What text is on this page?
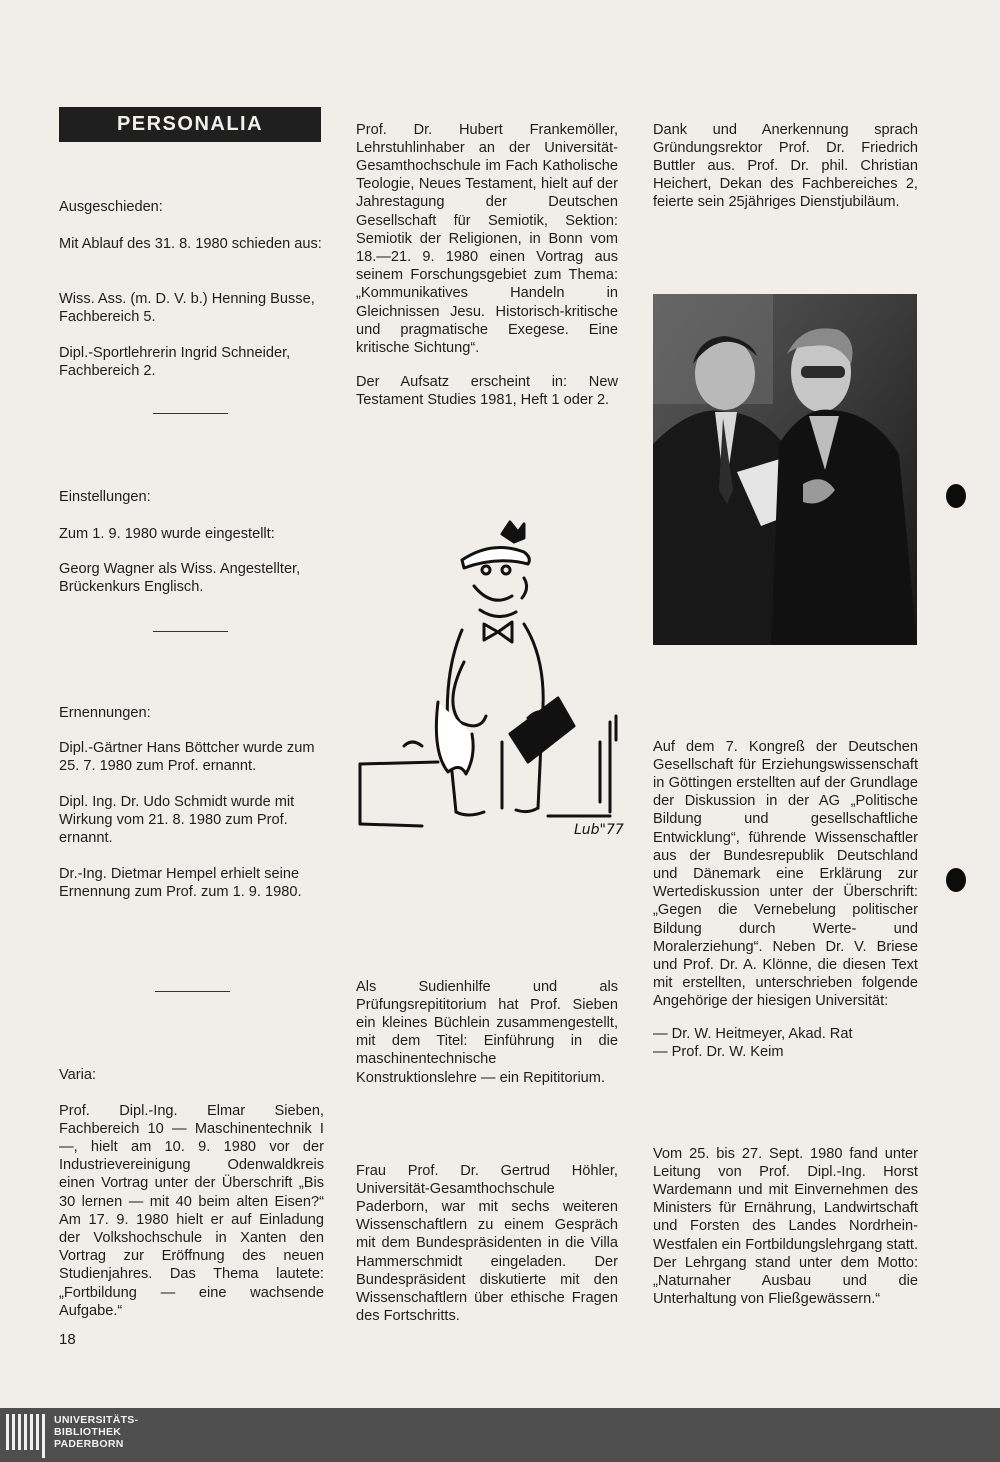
PERSONALIA

Ausgeschieden:

Mit Ablauf des 31. 8. 1980 schieden aus:

Wiss. Ass. (m. D. V. b.) Henning Busse, Fachbereich 5.

Dipl.-Sportlehrerin Ingrid Schneider, Fachbereich 2.

Einstellungen:

Zum 1. 9. 1980 wurde eingestellt:

Georg Wagner als Wiss. Angestellter, Brückenkurs Englisch.

Ernennungen:

Dipl.-Gärtner Hans Böttcher wurde zum 25. 7. 1980 zum Prof. ernannt.

Dipl. Ing. Dr. Udo Schmidt wurde mit Wirkung vom 21. 8. 1980 zum Prof. ernannt.

Dr.-Ing. Dietmar Hempel erhielt seine Ernennung zum Prof. zum 1. 9. 1980.

Varia:

Prof. Dipl.-Ing. Elmar Sieben, Fachbereich 10 — Maschinentechnik I —, hielt am 10. 9. 1980 vor der Industrievereinigung Odenwaldkreis einen Vortrag unter der Überschrift „Bis 30 lernen — mit 40 beim alten Eisen?“ Am 17. 9. 1980 hielt er auf Einladung der Volkshochschule in Xanten den Vortrag zur Eröffnung des neuen Studienjahres. Das Thema lautete: „Fortbildung — eine wachsende Aufgabe.“

Prof. Dr. Hubert Frankemöller, Lehrstuhlinhaber an der Universität-Gesamthochschule im Fach Katholische Teologie, Neues Testament, hielt auf der Jahrestagung der Deutschen Gesellschaft für Semiotik, Sektion: Semiotik der Religionen, in Bonn vom 18.—21. 9. 1980 einen Vortrag aus seinem Forschungsgebiet zum Thema: „Kommunikatives Handeln in Gleichnissen Jesu. Historisch-kritische und pragmatische Exegese. Eine kritische Sichtung“.

Der Aufsatz erscheint in: New Testament Studies 1981, Heft 1 oder 2.

Lub"77

Als Sudienhilfe und als Prüfungsrepititorium hat Prof. Sieben ein kleines Büchlein zusammengestellt, mit dem Titel: Einführung in die maschinentechnische Konstruktionslehre — ein Repititorium.

Frau Prof. Dr. Gertrud Höhler, Universität-Gesamthochschule Paderborn, war mit sechs weiteren Wissenschaftlern zu einem Gespräch mit dem Bundespräsidenten in die Villa Hammerschmidt eingeladen. Der Bundespräsident diskutierte mit den Wissenschaftlern über ethische Fragen des Fortschritts.

Dank und Anerkennung sprach Gründungsrektor Prof. Dr. Friedrich Buttler aus. Prof. Dr. phil. Christian Heichert, Dekan des Fachbereiches 2, feierte sein 25jähriges Dienstjubiläum.

Auf dem 7. Kongreß der Deutschen Gesellschaft für Erziehungswissenschaft in Göttingen erstellten auf der Grundlage der Diskussion in der AG „Politische Bildung und gesellschaftliche Entwicklung“, führende Wissenschaftler aus der Bundesrepublik Deutschland und Dänemark eine Erklärung zur Wertediskussion unter der Überschrift: „Gegen die Vernebelung politischer Bildung durch Werte- und Moralerziehung“. Neben Dr. V. Briese und Prof. Dr. A. Klönne, die diesen Text mit erstellten, unterschrieben folgende Angehörige der hiesigen Universität:

— Dr. W. Heitmeyer, Akad. Rat

— Prof. Dr. W. Keim

Vom 25. bis 27. Sept. 1980 fand unter Leitung von Prof. Dipl.-Ing. Horst Wardemann und mit Einvernehmen des Ministers für Ernährung, Landwirtschaft und Forsten des Landes Nordrhein-Westfalen ein Fortbildungslehrgang statt. Der Lehrgang stand unter dem Motto: „Naturnaher Ausbau und die Unterhaltung von Fließgewässern.“

18
UNIVERSITÄTS-
BIBLIOTHEK
PADERBORN
